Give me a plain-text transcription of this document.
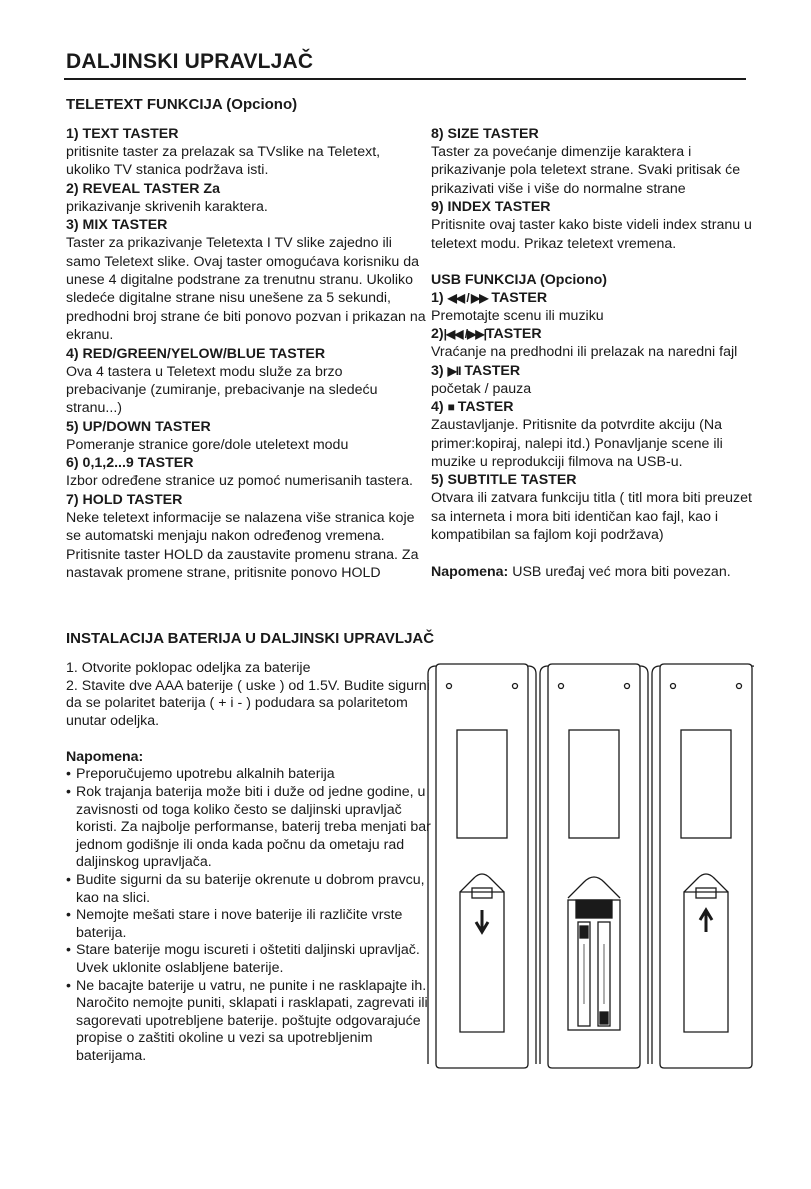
DALJINSKI UPRAVLJAČ
TELETEXT FUNKCIJA (Opciono)
1) TEXT TASTER
pritisnite taster za prelazak sa TVslike na Teletext, ukoliko TV stanica podržava isti.
2) REVEAL TASTER Za
prikazivanje skrivenih karaktera.
3) MIX TASTER
Taster za prikazivanje Teletexta I TV slike zajedno ili samo Teletext slike. Ovaj taster omogućava korisniku da unese 4 digitalne podstrane za trenutnu stranu. Ukoliko sledeće digitalne strane nisu unešene za 5 sekundi, predhodni broj strane će biti ponovo pozvan i prikazan na ekranu.
4) RED/GREEN/YELOW/BLUE TASTER
Ova 4 tastera u Teletext modu služe za brzo prebacivanje (zumiranje, prebacivanje na sledeću stranu...)
5) UP/DOWN TASTER
Pomeranje stranice gore/dole uteletext modu
6) 0,1,2...9 TASTER
Izbor određene stranice uz pomoć numerisanih tastera.
7) HOLD TASTER
Neke teletext informacije se nalazena više stranica koje se automatski menjaju nakon određenog vremena. Pritisnite taster HOLD da zaustavite promenu strana. Za nastavak promene strane, pritisnite ponovo HOLD
8) SIZE TASTER
Taster za povećanje dimenzije karaktera i prikazivanje pola teletext strane. Svaki pritisak će prikazivati više i više do normalne strane
9) INDEX TASTER
Pritisnite ovaj taster kako biste videli index stranu u teletext modu. Prikaz teletext vremena.
USB FUNKCIJA (Opciono)
1) ◀◀ / ▶▶ TASTER
Premotajte scenu ili muziku
2)|◀◀ /▶▶|TASTER
Vraćanje na predhodni ili prelazak na naredni fajl
3) ▶II TASTER
početak / pauza
4) ■ TASTER
Zaustavljanje. Pritisnite da potvrdite akciju (Na primer:kopiraj, nalepi itd.) Ponavljanje scene ili muzike u reprodukciji filmova na USB-u.
5) SUBTITLE TASTER
Otvara ili zatvara funkciju titla ( titl mora biti preuzet sa interneta i mora biti identičan kao fajl, kao i kompatibilan sa fajlom koji podržava)
Napomena: USB uređaj već mora biti povezan.
INSTALACIJA BATERIJA U DALJINSKI UPRAVLJAČ
1. Otvorite poklopac odeljka za baterije
2. Stavite dve AAA baterije ( uske ) od 1.5V. Budite sigurni da se polaritet baterija ( + i - ) podudara sa polaritetom unutar odeljka.
Napomena:
• Preporučujemo upotrebu alkalnih baterija
• Rok trajanja baterija može biti i duže od jedne godine, u zavisnosti od toga koliko često se daljinski upravljač koristi. Za najbolje performanse, baterij treba menjati bar jednom godišnje ili onda kada počnu da ometaju rad daljinskog upravljača.
• Budite sigurni da su baterije okrenute u dobrom pravcu, kao na slici.
• Nemojte mešati stare i nove baterije ili različite vrste baterija.
• Stare baterije mogu iscureti i oštetiti daljinski upravljač. Uvek uklonite oslabljene baterije.
• Ne bacajte baterije u vatru, ne punite i ne rasklapajte ih. Naročito nemojte puniti, sklapati i rasklapati, zagrevati ili sagorevati upotrebljene baterije. poštujte odgovarajuće propise o zaštiti okoline u vezi sa upotrebljenim baterijama.
